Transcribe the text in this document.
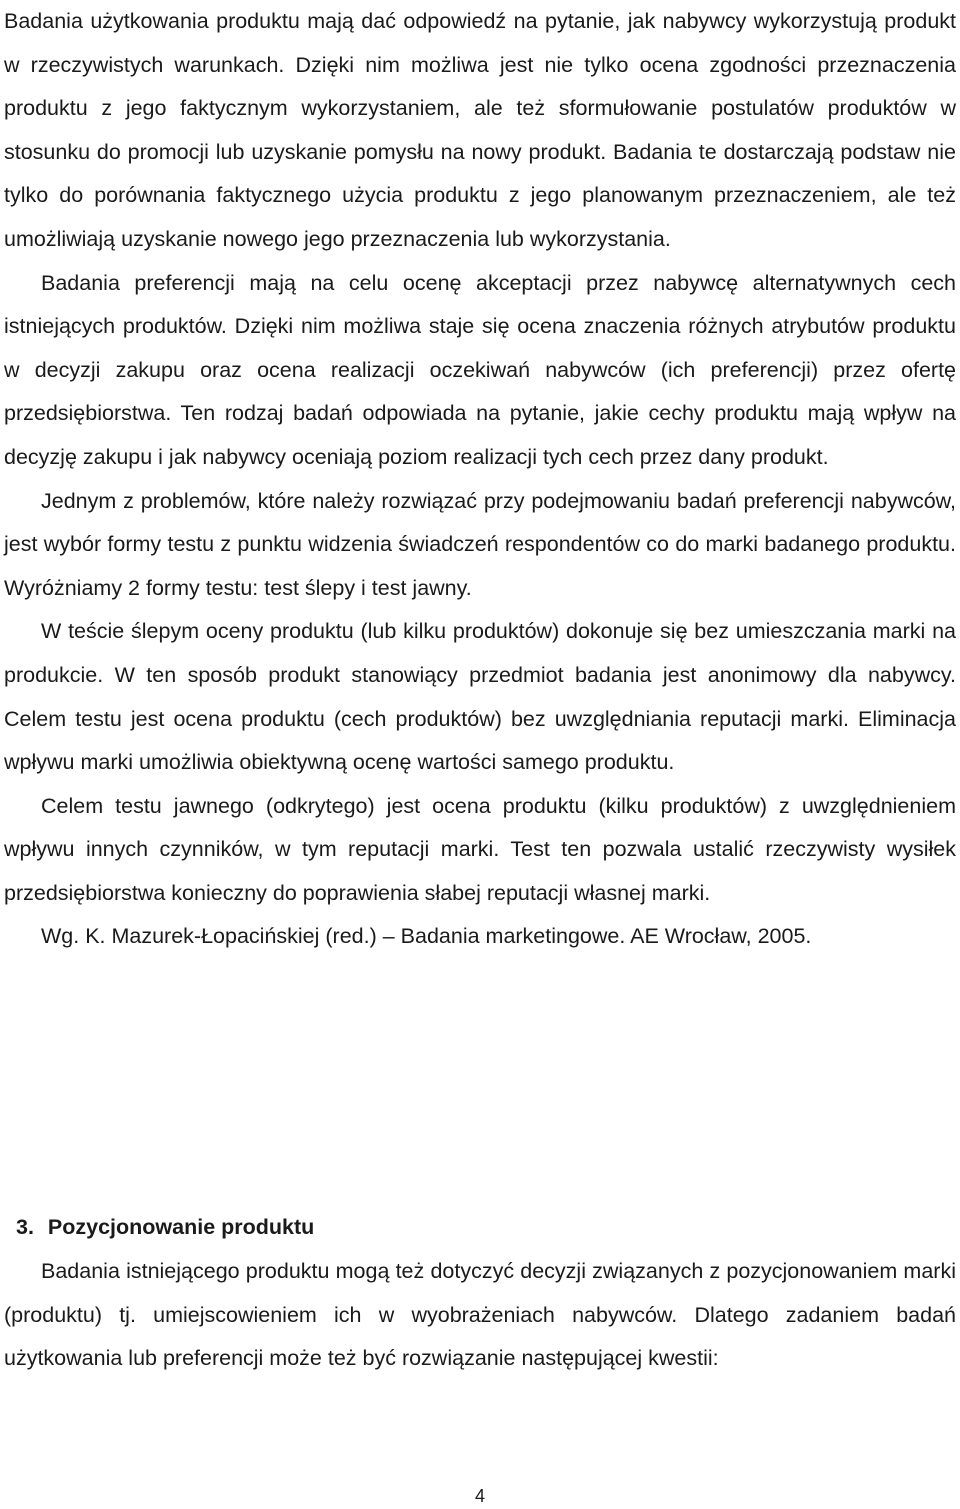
Badania użytkowania produktu mają dać odpowiedź na pytanie, jak nabywcy wykorzystują produkt w rzeczywistych warunkach. Dzięki nim możliwa jest nie tylko ocena zgodności przeznaczenia produktu z jego faktycznym wykorzystaniem, ale też sformułowanie postulatów produktów w stosunku do promocji lub uzyskanie pomysłu na nowy produkt. Badania te dostarczają podstaw nie tylko do porównania faktycznego użycia produktu z jego planowanym przeznaczeniem, ale też umożliwiają uzyskanie nowego jego przeznaczenia lub wykorzystania.

Badania preferencji mają na celu ocenę akceptacji przez nabywcę alternatywnych cech istniejących produktów. Dzięki nim możliwa staje się ocena znaczenia różnych atrybutów produktu w decyzji zakupu oraz ocena realizacji oczekiwań nabywców (ich preferencji) przez ofertę przedsiębiorstwa. Ten rodzaj badań odpowiada na pytanie, jakie cechy produktu mają wpływ na decyzję zakupu i jak nabywcy oceniają poziom realizacji tych cech przez dany produkt.

Jednym z problemów, które należy rozwiązać przy podejmowaniu badań preferencji nabywców, jest wybór formy testu z punktu widzenia świadczeń respondentów co do marki badanego produktu. Wyróżniamy 2 formy testu: test ślepy i test jawny.

W teście ślepym oceny produktu (lub kilku produktów) dokonuje się bez umieszczania marki na produkcie. W ten sposób produkt stanowiący przedmiot badania jest anonimowy dla nabywcy. Celem testu jest ocena produktu (cech produktów) bez uwzględniania reputacji marki. Eliminacja wpływu marki umożliwia obiektywną ocenę wartości samego produktu.

Celem testu jawnego (odkrytego) jest ocena produktu (kilku produktów) z uwzględnieniem wpływu innych czynników, w tym reputacji marki. Test ten pozwala ustalić rzeczywisty wysiłek przedsiębiorstwa konieczny do poprawienia słabej reputacji własnej marki.

Wg. K. Mazurek-Łopacińskiej (red.) – Badania marketingowe. AE Wrocław, 2005.

3. Pozycjonowanie produktu

Badania istniejącego produktu mogą też dotyczyć decyzji związanych z pozycjonowaniem marki (produktu) tj. umiejscowieniem ich w wyobrażeniach nabywców. Dlatego zadaniem badań użytkowania lub preferencji może też być rozwiązanie następującej kwestii:

4
